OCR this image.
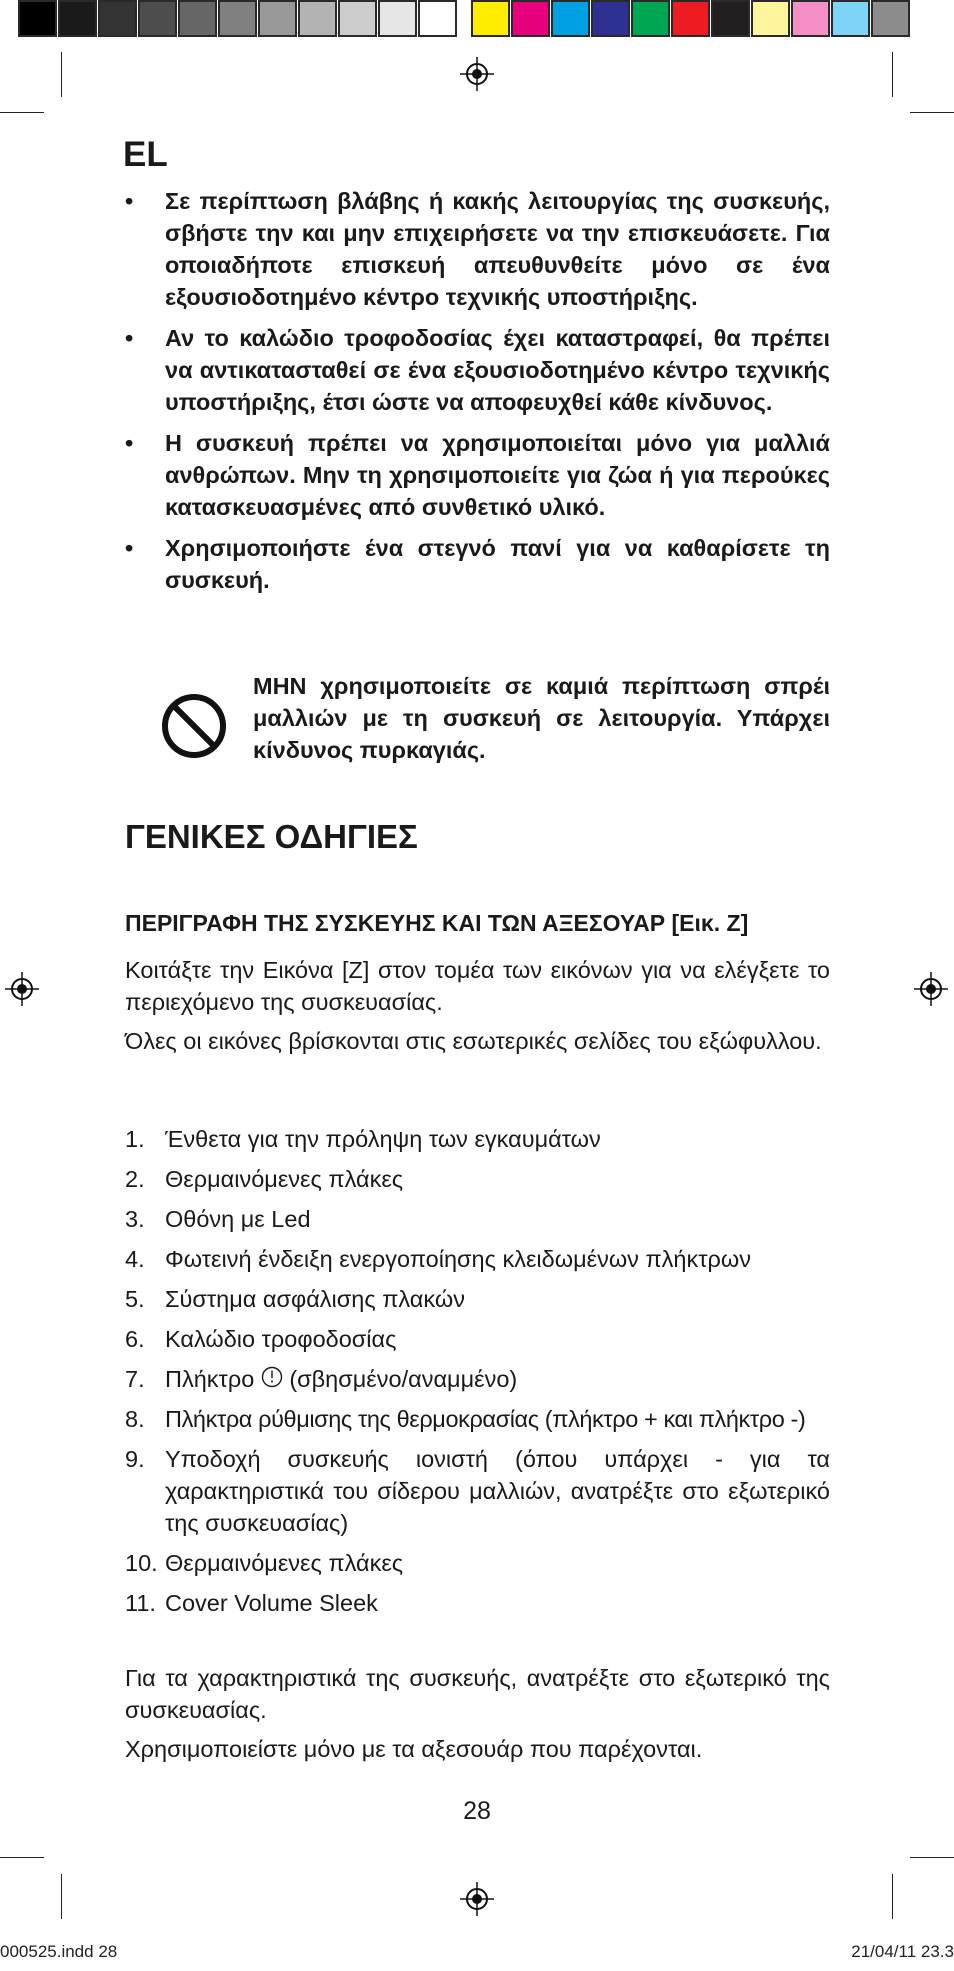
EL
• Σε περίπτωση βλάβης ή κακής λειτουργίας της συσκευής, σβήστε την και μην επιχειρήσετε να την επισκευάσετε. Για οποιαδήποτε επισκευή απευθυνθείτε μόνο σε ένα εξουσιοδοτημένο κέντρο τεχνικής υποστήριξης.
• Αν το καλώδιο τροφοδοσίας έχει καταστραφεί, θα πρέπει να αντικατασταθεί σε ένα εξουσιοδοτημένο κέντρο τεχνικής υποστήριξης, έτσι ώστε να αποφευχθεί κάθε κίνδυνος.
• Η συσκευή πρέπει να χρησιμοποιείται μόνο για μαλλιά ανθρώπων. Μην τη χρησιμοποιείτε για ζώα ή για περούκες κατασκευασμένες από συνθετικό υλικό.
• Χρησιμοποιήστε ένα στεγνό πανί για να καθαρίσετε τη συσκευή.
ΜΗΝ χρησιμοποιείτε σε καμιά περίπτωση σπρέι μαλλιών με τη συσκευή σε λειτουργία. Υπάρχει κίνδυνος πυρκαγιάς.
ΓΕΝΙΚΕΣ ΟΔΗΓΙΕΣ
ΠΕΡΙΓΡΑΦΗ ΤΗΣ ΣΥΣΚΕΥΗΣ ΚΑΙ ΤΩΝ ΑΞΕΣΟΥΑΡ [Εικ. Ζ]

Κοιτάξτε την Εικόνα [Ζ] στον τομέα των εικόνων για να ελέγξετε το περιεχόμενο της συσκευασίας.

Όλες οι εικόνες βρίσκονται στις εσωτερικές σελίδες του εξώφυλλου.

1. Ένθετα για την πρόληψη των εγκαυμάτων
2. Θερμαινόμενες πλάκες
3. Οθόνη με Led
4. Φωτεινή ένδειξη ενεργοποίησης κλειδωμένων πλήκτρων
5. Σύστημα ασφάλισης πλακών
6. Καλώδιο τροφοδοσίας
7. Πλήκτρο (σβησμένο/αναμμένο)
8. Πλήκτρα ρύθμισης της θερμοκρασίας (πλήκτρο + και πλήκτρο -)
9. Υποδοχή συσκευής ιονιστή (όπου υπάρχει - για τα χαρακτηριστικά του σίδερου μαλλιών, ανατρέξτε στο εξωτερικό της συσκευασίας)
10. Θερμαινόμενες πλάκες
11. Cover Volume Sleek

Για τα χαρακτηριστικά της συσκευής, ανατρέξτε στο εξωτερικό της συσκευασίας.

Χρησιμοποιείστε μόνο με τα αξεσουάρ που παρέχονται.

28
000525.indd 28	21/04/11 23.3
